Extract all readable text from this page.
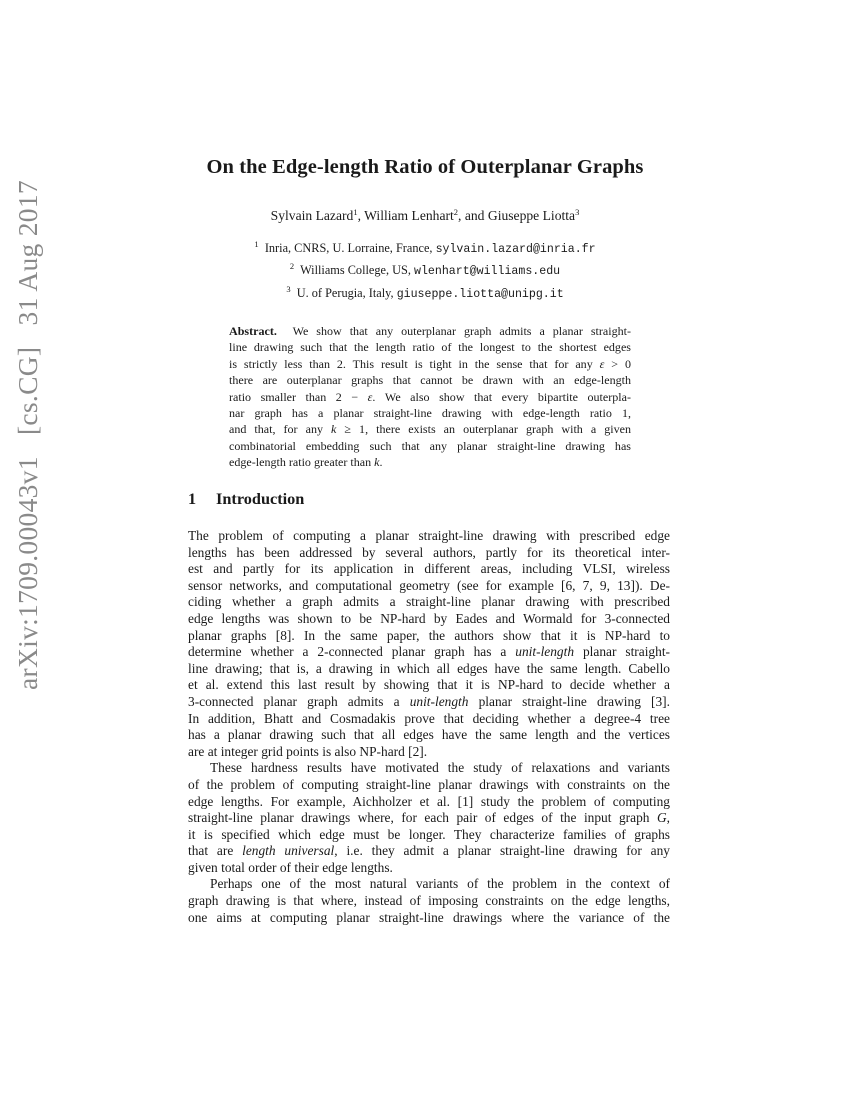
arXiv:1709.00043v1 [cs.CG] 31 Aug 2017
On the Edge-length Ratio of Outerplanar Graphs
Sylvain Lazard$^1$, William Lenhart$^2$, and Giuseppe Liotta$^3$
$^1$ Inria, CNRS, U. Lorraine, France, sylvain.lazard@inria.fr
$^2$ Williams College, US, wlenhart@williams.edu
$^3$ U. of Perugia, Italy, giuseppe.liotta@unipg.it
Abstract. We show that any outerplanar graph admits a planar straight-
line drawing such that the length ratio of the longest to the shortest edges
is strictly less than 2. This result is tight in the sense that for any ε > 0
there are outerplanar graphs that cannot be drawn with an edge-length
ratio smaller than 2 − ε. We also show that every bipartite outerpla-
nar graph has a planar straight-line drawing with edge-length ratio 1,
and that, for any k ≥ 1, there exists an outerplanar graph with a given
combinatorial embedding such that any planar straight-line drawing has
edge-length ratio greater than k.
1 Introduction

The problem of computing a planar straight-line drawing with prescribed edge
lengths has been addressed by several authors, partly for its theoretical inter-
est and partly for its application in different areas, including VLSI, wireless
sensor networks, and computational geometry (see for example [6, 7, 9, 13]). De-
ciding whether a graph admits a straight-line planar drawing with prescribed
edge lengths was shown to be NP-hard by Eades and Wormald for 3-connected
planar graphs [8]. In the same paper, the authors show that it is NP-hard to
determine whether a 2-connected planar graph has a unit-length planar straight-
line drawing; that is, a drawing in which all edges have the same length. Cabello
et al. extend this last result by showing that it is NP-hard to decide whether a
3-connected planar graph admits a unit-length planar straight-line drawing [3].
In addition, Bhatt and Cosmadakis prove that deciding whether a degree-4 tree
has a planar drawing such that all edges have the same length and the vertices
are at integer grid points is also NP-hard [2].

These hardness results have motivated the study of relaxations and variants
of the problem of computing straight-line planar drawings with constraints on the
edge lengths. For example, Aichholzer et al. [1] study the problem of computing
straight-line planar drawings where, for each pair of edges of the input graph G,
it is specified which edge must be longer. They characterize families of graphs
that are length universal, i.e. they admit a planar straight-line drawing for any
given total order of their edge lengths.

Perhaps one of the most natural variants of the problem in the context of
graph drawing is that where, instead of imposing constraints on the edge lengths,
one aims at computing planar straight-line drawings where the variance of the
